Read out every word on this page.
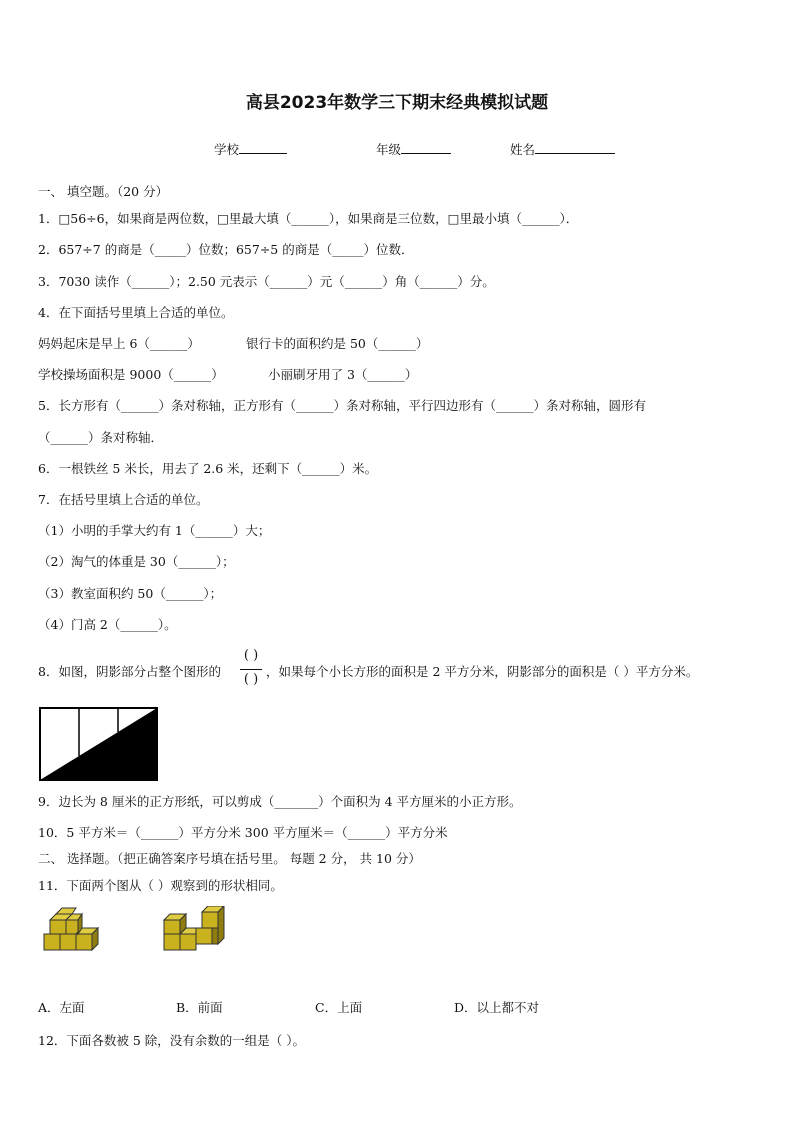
高县2023年数学三下期末经典模拟试题
学校	年级	姓名
一、 填空题。（20 分）
1．□56÷6，如果商是两位数，□里最大填（______），如果商是三位数，□里最小填（______）．
2．657÷7 的商是（_____）位数；657÷5 的商是（_____）位数．
3．7030 读作（______）；2.50 元表示（______）元（______）角（______）分。
4．在下面括号里填上合适的单位。
妈妈起床是早上 6（______）	银行卡的面积约是 50（______）
学校操场面积是 9000（______）	小丽刷牙用了 3（______）
5．长方形有（______）条对称轴，正方形有（______）条对称轴，平行四边形有（______）条对称轴，圆形有
（______）条对称轴．
6．一根铁丝 5 米长，用去了 2.6 米，还剩下（______）米。
7．在括号里填上合适的单位。
（1）小明的手掌大约有 1（______）大；
（2）淘气的体重是 30（______）；
（3）教室面积约 50（______）；
（4）门高 2（______）。
8．如图，阴影部分占整个图形的
( )
( )
，如果每个小长方形的面积是 2 平方分米，阴影部分的面积是（ ）平方分米。
9．边长为 8 厘米的正方形纸，可以剪成（_______）个面积为 4 平方厘米的小正方形。
10．5 平方米＝（______）平方分米 300 平方厘米＝（______）平方分米
二、 选择题。（把正确答案序号填在括号里。 每题 2 分， 共 10 分）
11．下面两个图从（ ）观察到的形状相同。
A．左面	B．前面	C．上面	D．以上都不对
12．下面各数被 5 除，没有余数的一组是（ ）。
